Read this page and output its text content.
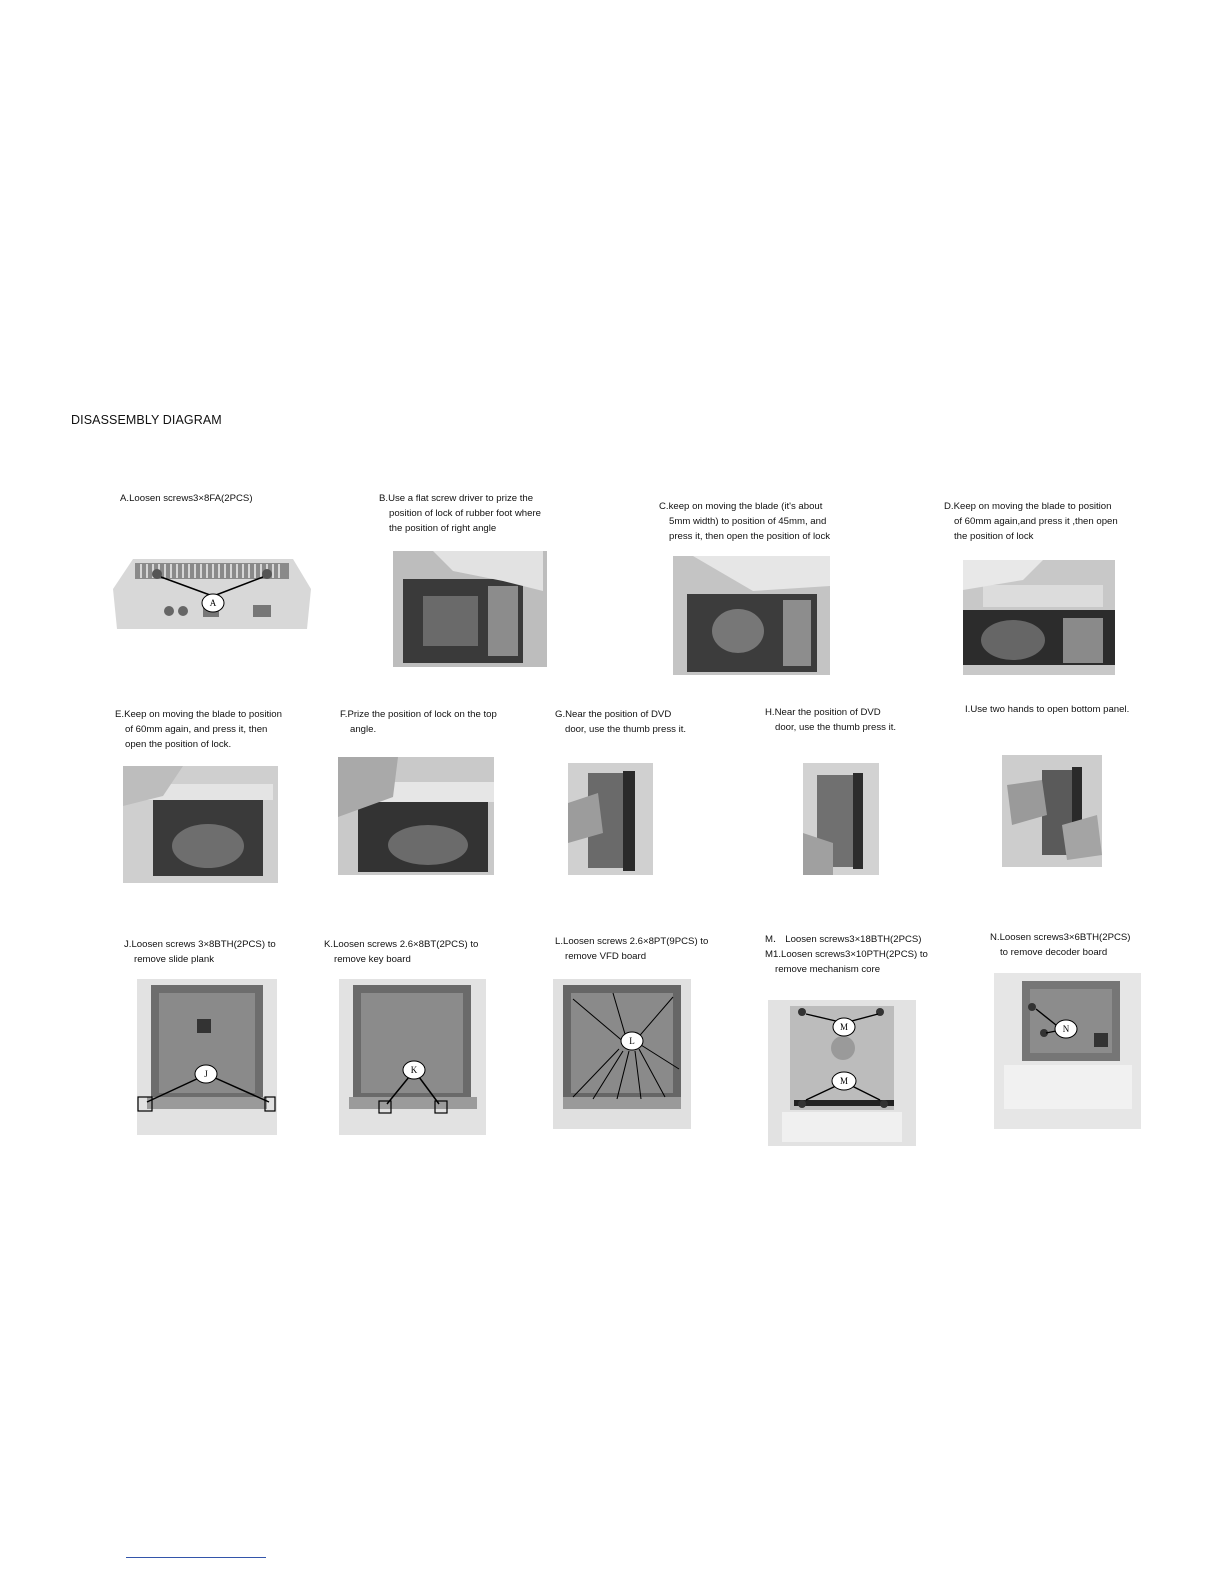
DISASSEMBLY DIAGRAM
A.Loosen screws3×8FA(2PCS)
A
B.Use a flat screw driver to prize the
position of lock of rubber foot where
the position of right angle
C.keep on moving the blade (it's about
5mm width) to position of 45mm, and
press it, then open the position of lock
D.Keep on moving the blade to position
of 60mm again,and press it ,then open
the position of lock
E.Keep on moving the blade to position
of 60mm again, and press it, then
open the position of lock.
F.Prize the position of lock on the top
angle.
G.Near the position of DVD
door, use the thumb press it.
H.Near the position of DVD
door, use the thumb press it.
I.Use two hands to open bottom panel.
J.Loosen screws 3×8BTH(2PCS) to
remove slide plank
J
K.Loosen screws 2.6×8BT(2PCS) to
remove key board
K
L.Loosen screws 2.6×8PT(9PCS) to
remove VFD board
L
M． Loosen screws3×18BTH(2PCS)
M1.Loosen screws3×10PTH(2PCS) to
remove mechanism core
M
M
N.Loosen screws3×6BTH(2PCS)
to remove decoder board
N
